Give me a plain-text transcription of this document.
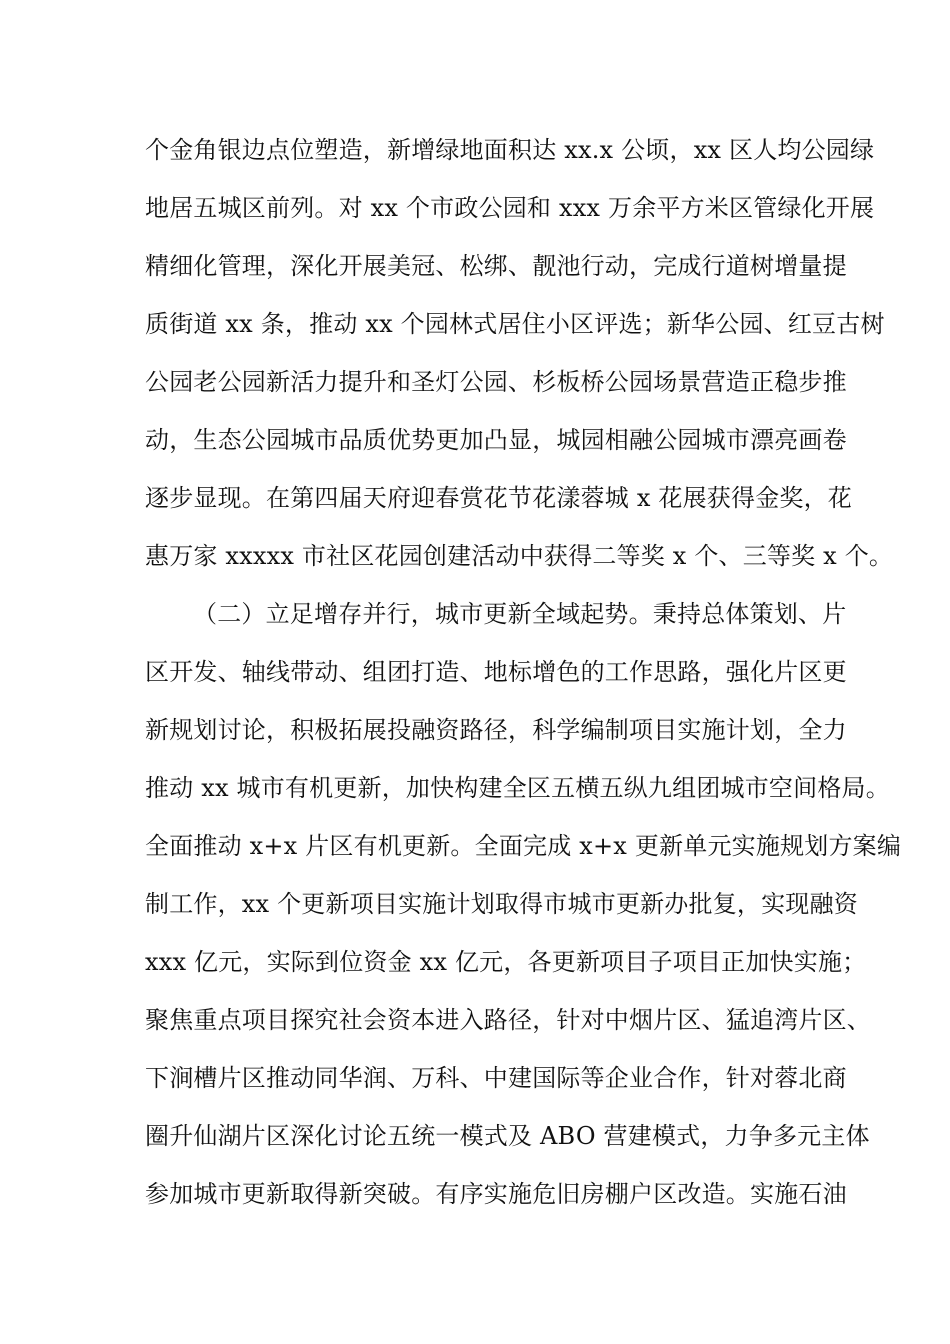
个金角银边点位塑造，新增绿地面积达 xx.x 公顷，xx 区人均公园绿
地居五城区前列。对 xx 个市政公园和 xxx 万余平方米区管绿化开展
精细化管理，深化开展美冠、松绑、靓池行动，完成行道树增量提
质街道 xx 条，推动 xx 个园林式居住小区评选；新华公园、红豆古树
公园老公园新活力提升和圣灯公园、杉板桥公园场景营造正稳步推
动，生态公园城市品质优势更加凸显，城园相融公园城市漂亮画卷
逐步显现。在第四届天府迎春赏花节花漾蓉城 x 花展获得金奖，花
惠万家 xxxxx 市社区花园创建活动中获得二等奖 x 个、三等奖 x 个。
（二）立足增存并行，城市更新全域起势。秉持总体策划、片
区开发、轴线带动、组团打造、地标增色的工作思路，强化片区更
新规划讨论，积极拓展投融资路径，科学编制项目实施计划，全力
推动 xx 城市有机更新，加快构建全区五横五纵九组团城市空间格局。
全面推动 x+x 片区有机更新。全面完成 x+x 更新单元实施规划方案编
制工作，xx 个更新项目实施计划取得市城市更新办批复，实现融资
xxx 亿元，实际到位资金 xx 亿元，各更新项目子项目正加快实施；
聚焦重点项目探究社会资本进入路径，针对中烟片区、猛追湾片区、
下涧槽片区推动同华润、万科、中建国际等企业合作，针对蓉北商
圈升仙湖片区深化讨论五统一模式及 ABO 营建模式，力争多元主体
参加城市更新取得新突破。有序实施危旧房棚户区改造。实施石油
